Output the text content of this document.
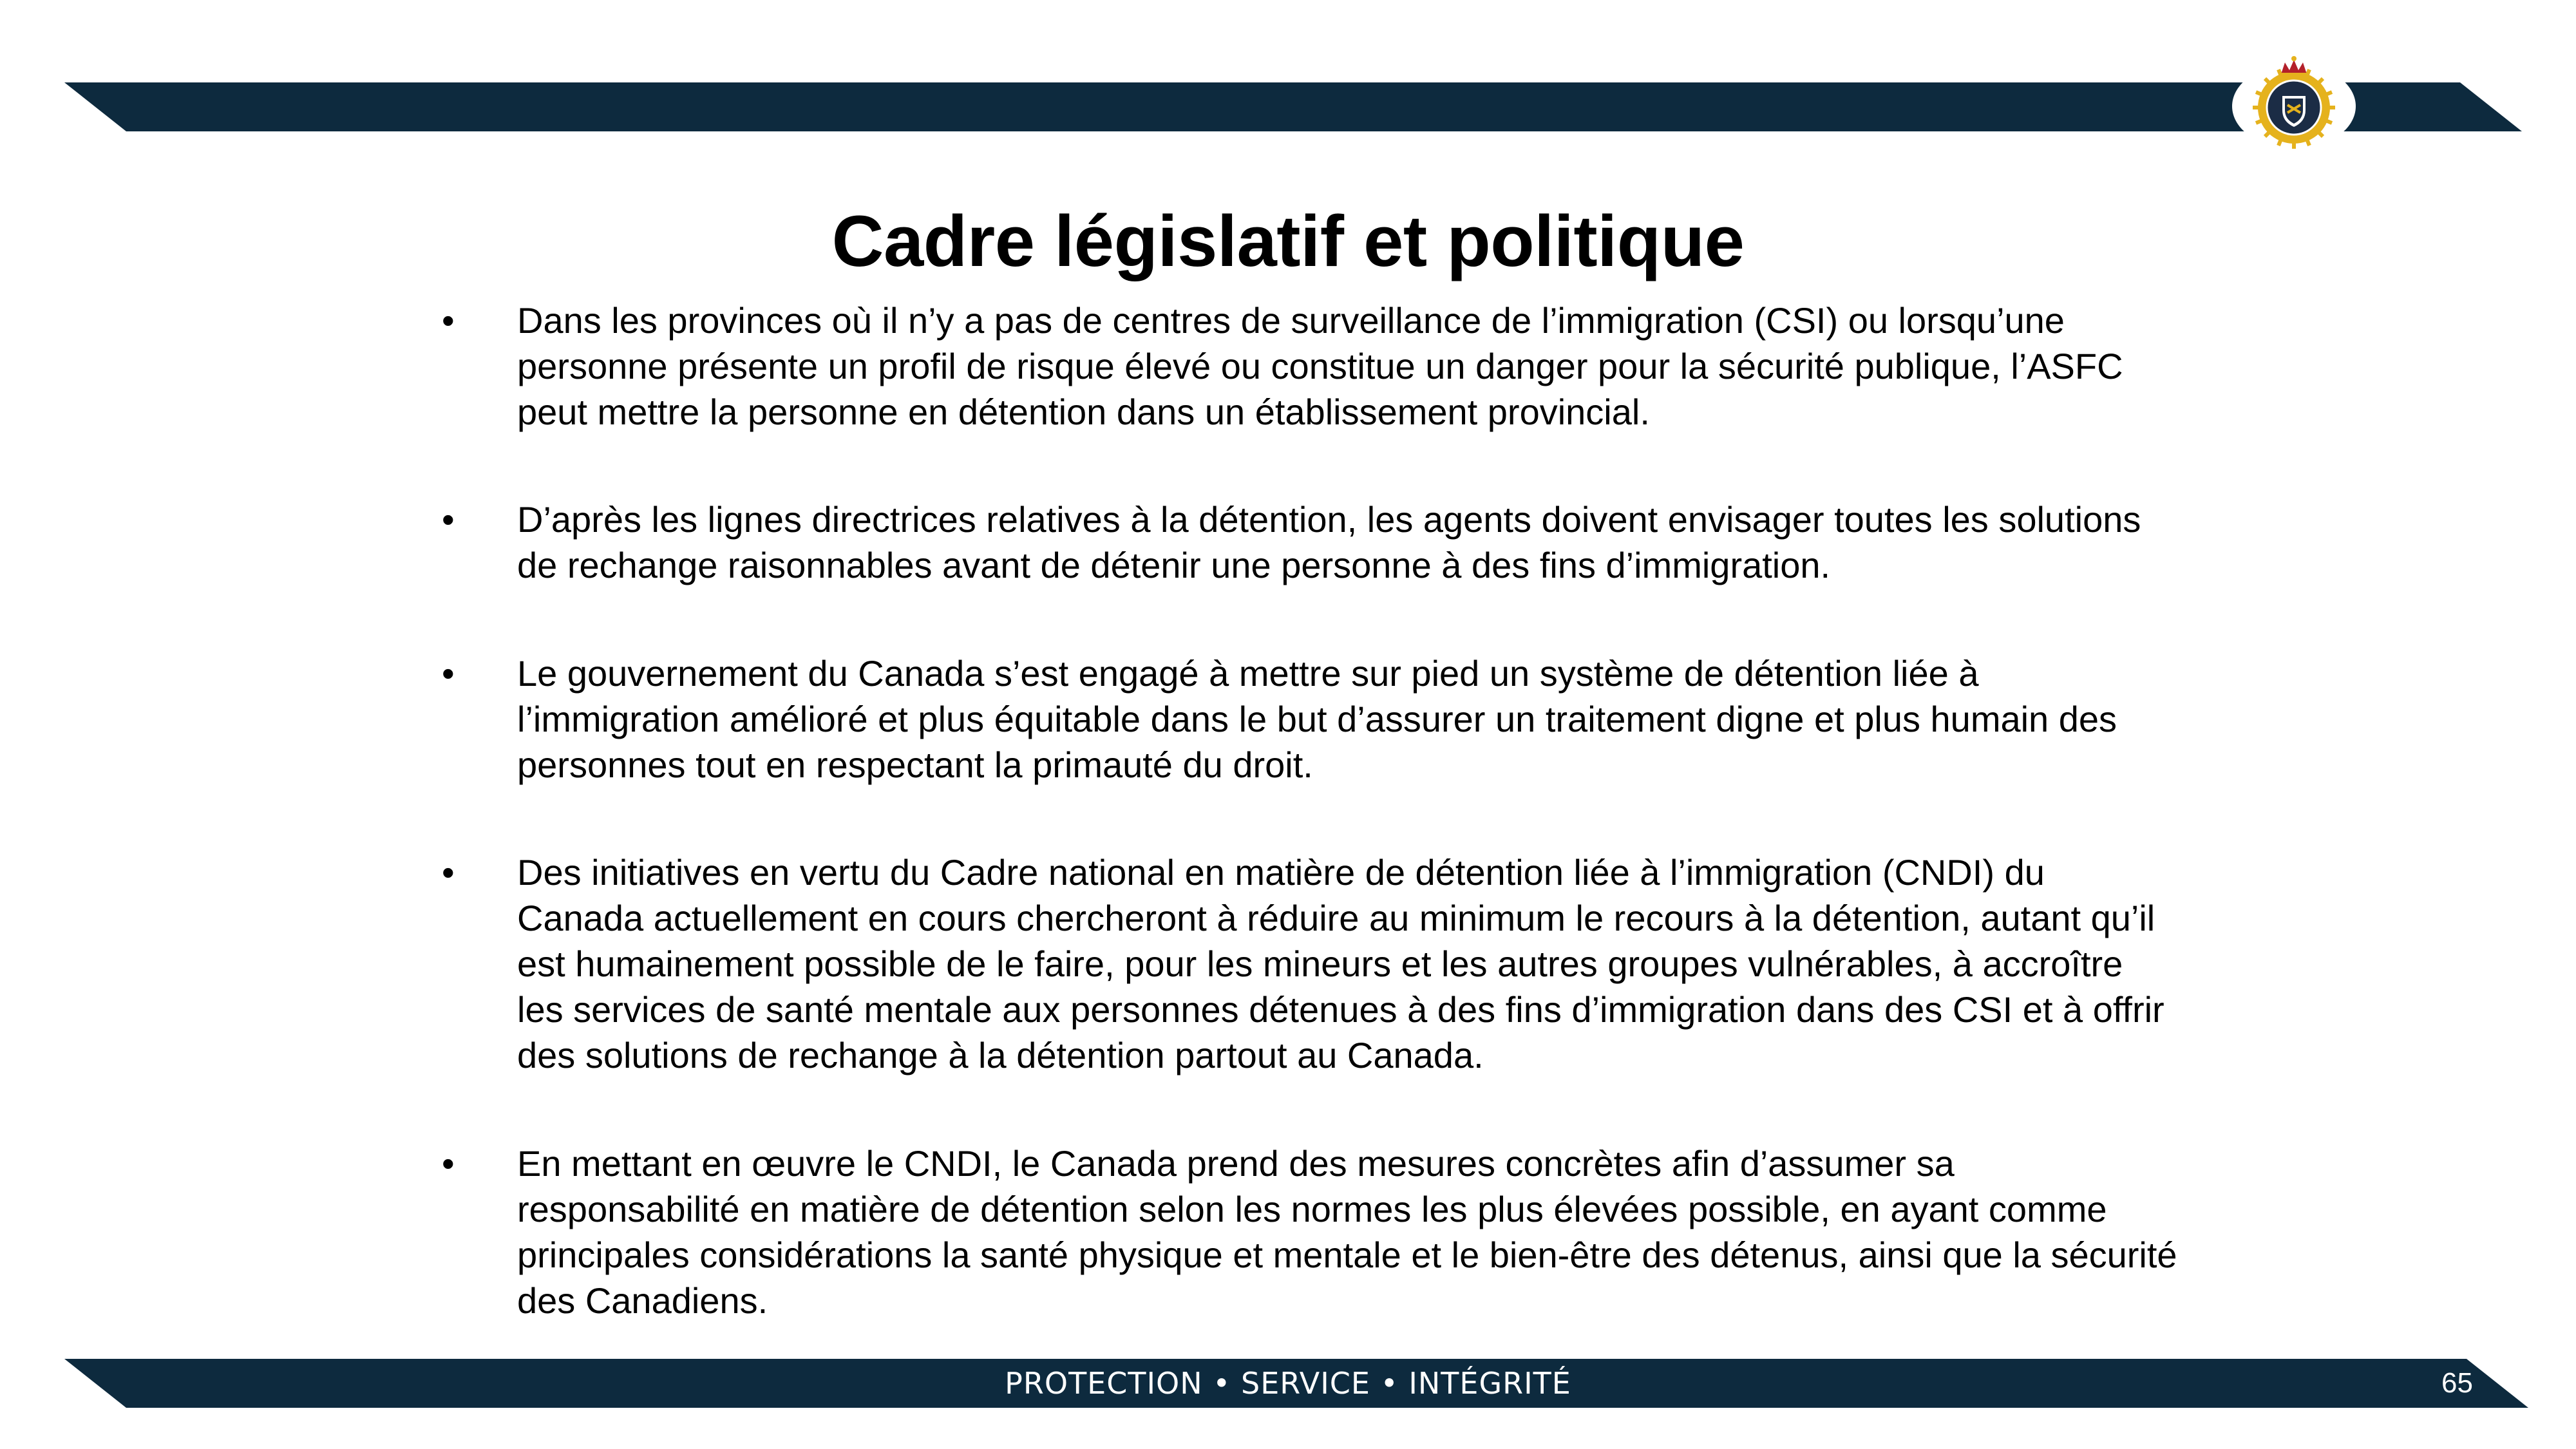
Cadre législatif et politique
• Dans les provinces où il n’y a pas de centres de surveillance de l’immigration (CSI) ou lorsqu’une personne présente un profil de risque élevé ou constitue un danger pour la sécurité publique, l’ASFC peut mettre la personne en détention dans un établissement provincial.
• D’après les lignes directrices relatives à la détention, les agents doivent envisager toutes les solutions de rechange raisonnables avant de détenir une personne à des fins d’immigration.
• Le gouvernement du Canada s’est engagé à mettre sur pied un système de détention liée à l’immigration amélioré et plus équitable dans le but d’assurer un traitement digne et plus humain des personnes tout en respectant la primauté du droit.
• Des initiatives en vertu du Cadre national en matière de détention liée à l’immigration (CNDI) du Canada actuellement en cours chercheront à réduire au minimum le recours à la détention, autant qu’il est humainement possible de le faire, pour les mineurs et les autres groupes vulnérables, à accroître les services de santé mentale aux personnes détenues à des fins d’immigration dans des CSI et à offrir des solutions de rechange à la détention partout au Canada.
• En mettant en œuvre le CNDI, le Canada prend des mesures concrètes afin d’assumer sa responsabilité en matière de détention selon les normes les plus élevées possible, en ayant comme principales considérations la santé physique et mentale et le bien-être des détenus, ainsi que la sécurité des Canadiens.
PROTECTION • SERVICE • INTÉGRITÉ	65
